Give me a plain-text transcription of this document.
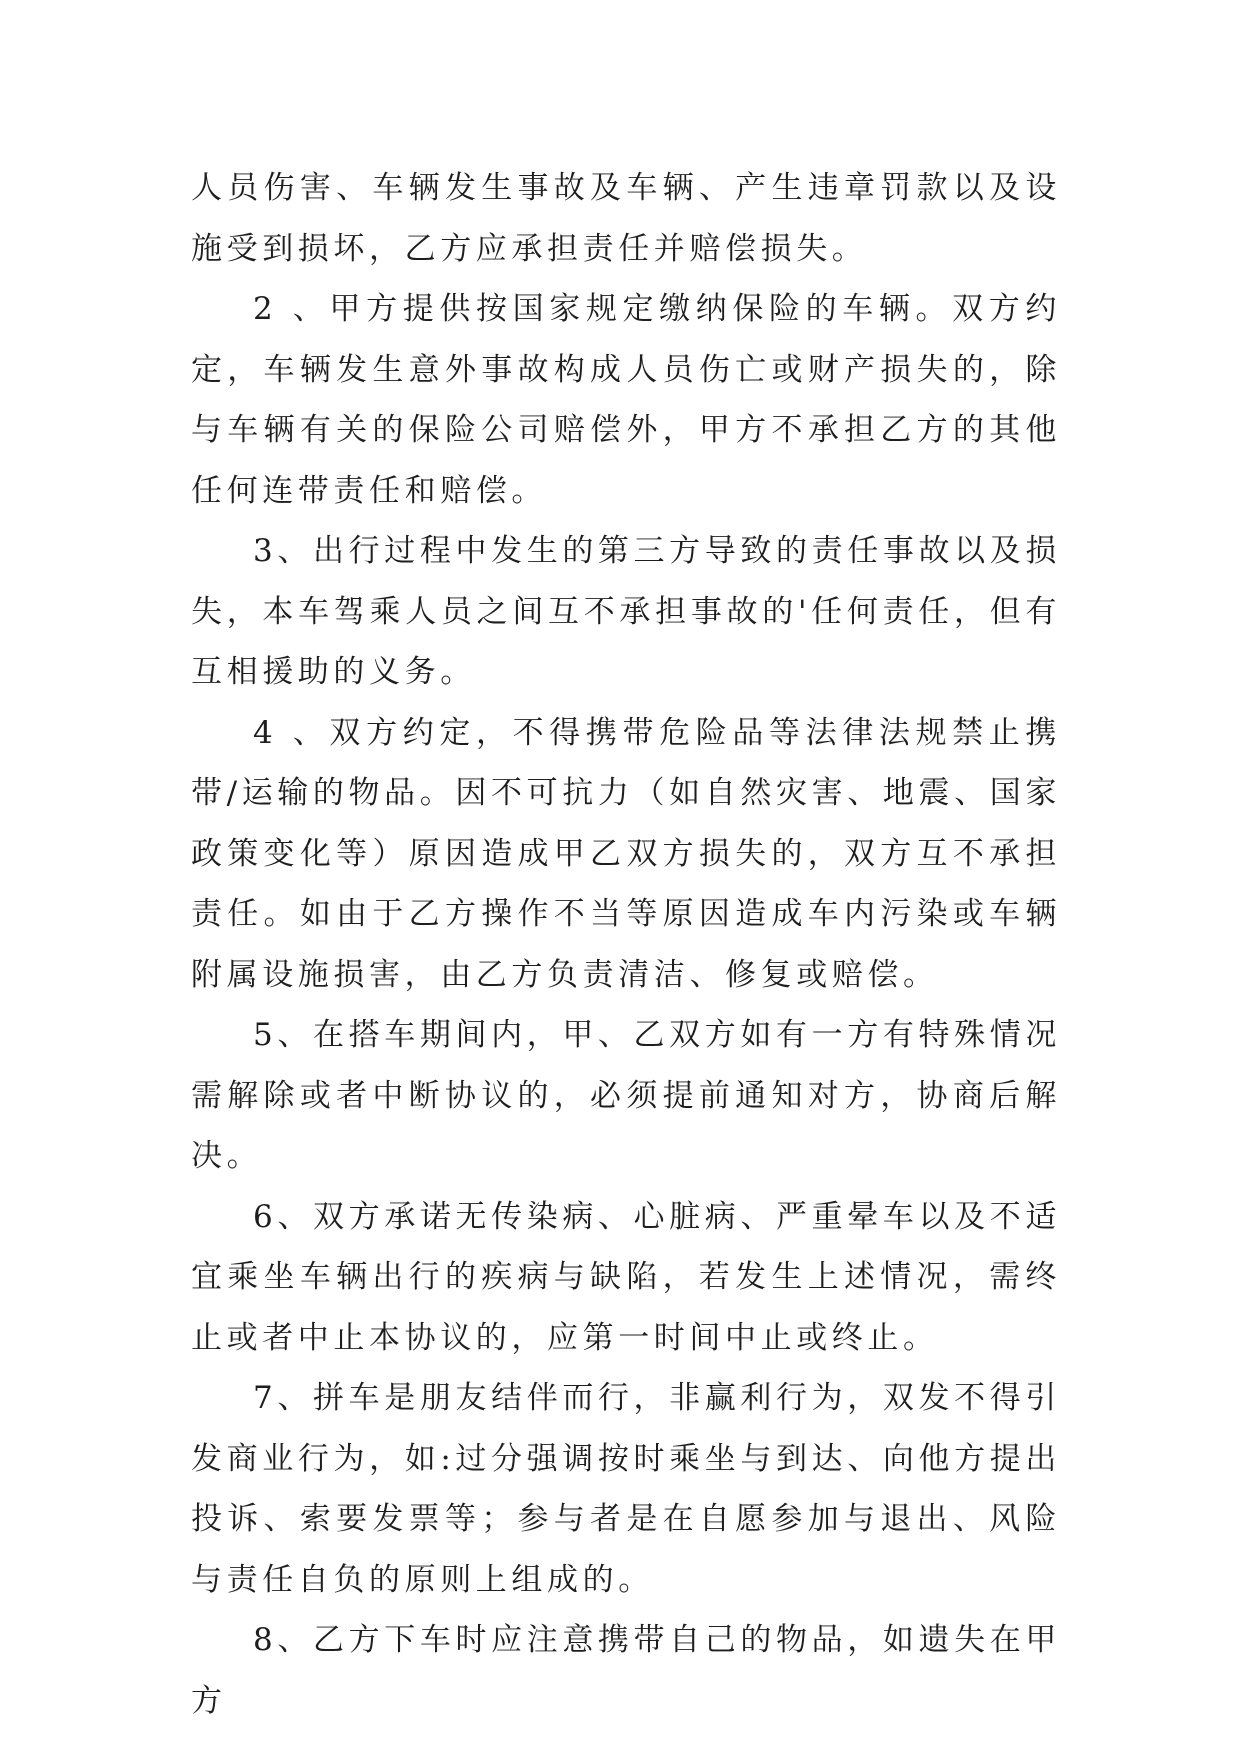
人员伤害、车辆发生事故及车辆、产生违章罚款以及设施受到损坏，乙方应承担责任并赔偿损失。

2 、甲方提供按国家规定缴纳保险的车辆。双方约定，车辆发生意外事故构成人员伤亡或财产损失的，除与车辆有关的保险公司赔偿外，甲方不承担乙方的其他任何连带责任和赔偿。

3、出行过程中发生的第三方导致的责任事故以及损失，本车驾乘人员之间互不承担事故的'任何责任，但有互相援助的义务。

4 、双方约定，不得携带危险品等法律法规禁止携带/运输的物品。因不可抗力（如自然灾害、地震、国家政策变化等）原因造成甲乙双方损失的，双方互不承担责任。如由于乙方操作不当等原因造成车内污染或车辆附属设施损害，由乙方负责清洁、修复或赔偿。

5、在搭车期间内，甲、乙双方如有一方有特殊情况需解除或者中断协议的，必须提前通知对方，协商后解决。

6、双方承诺无传染病、心脏病、严重晕车以及不适宜乘坐车辆出行的疾病与缺陷，若发生上述情况，需终止或者中止本协议的，应第一时间中止或终止。

7、拼车是朋友结伴而行，非赢利行为，双发不得引发商业行为，如:过分强调按时乘坐与到达、向他方提出投诉、索要发票等；参与者是在自愿参加与退出、风险与责任自负的原则上组成的。

8、乙方下车时应注意携带自己的物品，如遗失在甲方
